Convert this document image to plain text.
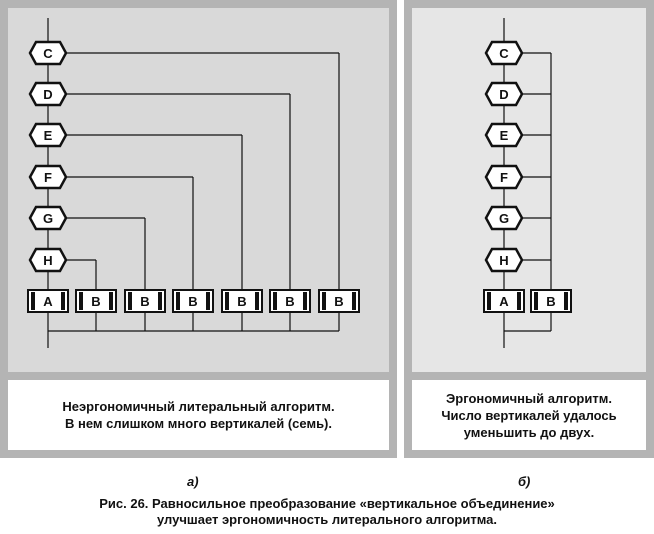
Неэргономичный литеральный алгоритм.
В нем слишком много вертикалей (семь).
Эргономичный алгоритм.
Число вертикалей удалось
уменьшить до двух.
C
D
E
F
G
H
A	B	B	B	B	B	B
C
D
E
F
G
H
A	B
а)	б)
Рис. 26. Равносильное преобразование «вертикальное объединение»
улучшает эргономичность литерального алгоритма.
